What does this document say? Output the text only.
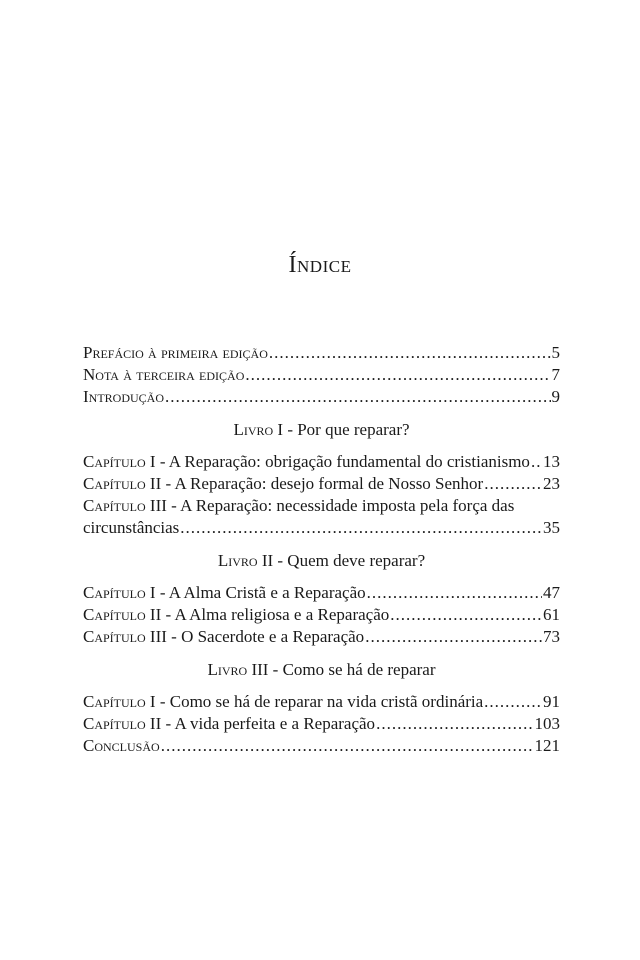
Índice
Prefácio à primeira edição .....	5
Nota à terceira edição .....	7
Introdução .....	9
Livro I - Por que reparar?
Capítulo I - A Reparação: obrigação fundamental do cristianismo ..... 13
Capítulo II - A Reparação: desejo formal de Nosso Senhor .....	23
Capítulo III - A Reparação: necessidade imposta pela força das
circunstâncias .....	35
Livro II - Quem deve reparar?
Capítulo I - A Alma Cristã e a Reparação .....	47
Capítulo II - A Alma religiosa e a Reparação .....	61
Capítulo III - O Sacerdote e a Reparação .....	73
Livro III - Como se há de reparar
Capítulo I - Como se há de reparar na vida cristã ordinária .....	91
Capítulo II - A vida perfeita e a Reparação .....	103
Conclusão .....	121
